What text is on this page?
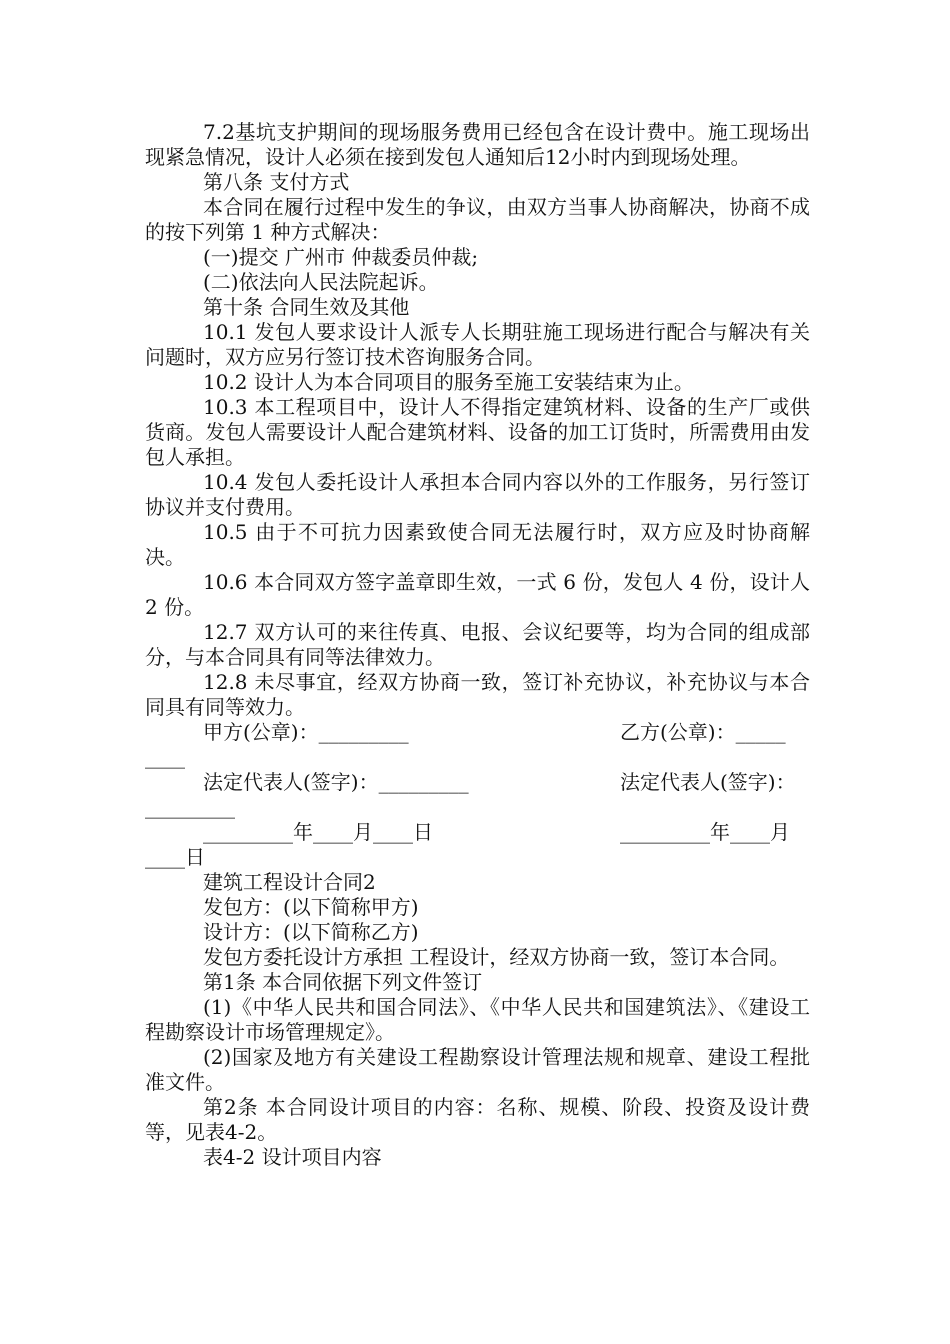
7.2基坑支护期间的现场服务费用已经包含在设计费中。施工现场出现紧急情况，设计人必须在接到发包人通知后12小时内到现场处理。

第八条 支付方式

本合同在履行过程中发生的争议，由双方当事人协商解决，协商不成的按下列第 1 种方式解决：

(一)提交 广州市 仲裁委员仲裁;

(二)依法向人民法院起诉。

第十条 合同生效及其他

10.1 发包人要求设计人派专人长期驻施工现场进行配合与解决有关问题时，双方应另行签订技术咨询服务合同。

10.2 设计人为本合同项目的服务至施工安装结束为止。

10.3 本工程项目中，设计人不得指定建筑材料、设备的生产厂或供货商。发包人需要设计人配合建筑材料、设备的加工订货时，所需费用由发包人承担。

10.4 发包人委托设计人承担本合同内容以外的工作服务，另行签订协议并支付费用。

10.5 由于不可抗力因素致使合同无法履行时，双方应及时协商解决。

10.6 本合同双方签字盖章即生效，一式 6 份，发包人 4 份，设计人 2 份。

12.7 双方认可的来往传真、电报、会议纪要等，均为合同的组成部分，与本合同具有同等法律效力。

12.8 未尽事宜，经双方协商一致，签订补充协议，补充协议与本合同具有同等效力。

甲方(公章)：_________

	乙方(公章)：_____

____

法定代表人(签字)：_________

	法定代表人(签字)：

_________

_________年____月____日

	_________年____月

____日

建筑工程设计合同2

发包方：(以下简称甲方)

设计方：(以下简称乙方)

发包方委托设计方承担 工程设计，经双方协商一致，签订本合同。

第1条 本合同依据下列文件签订

(1)《中华人民共和国合同法》、《中华人民共和国建筑法》、《建设工程勘察设计市场管理规定》。

(2)国家及地方有关建设工程勘察设计管理法规和规章、建设工程批准文件。

第2条 本合同设计项目的内容：名称、规模、阶段、投资及设计费等，见表4-2。

表4-2 设计项目内容
